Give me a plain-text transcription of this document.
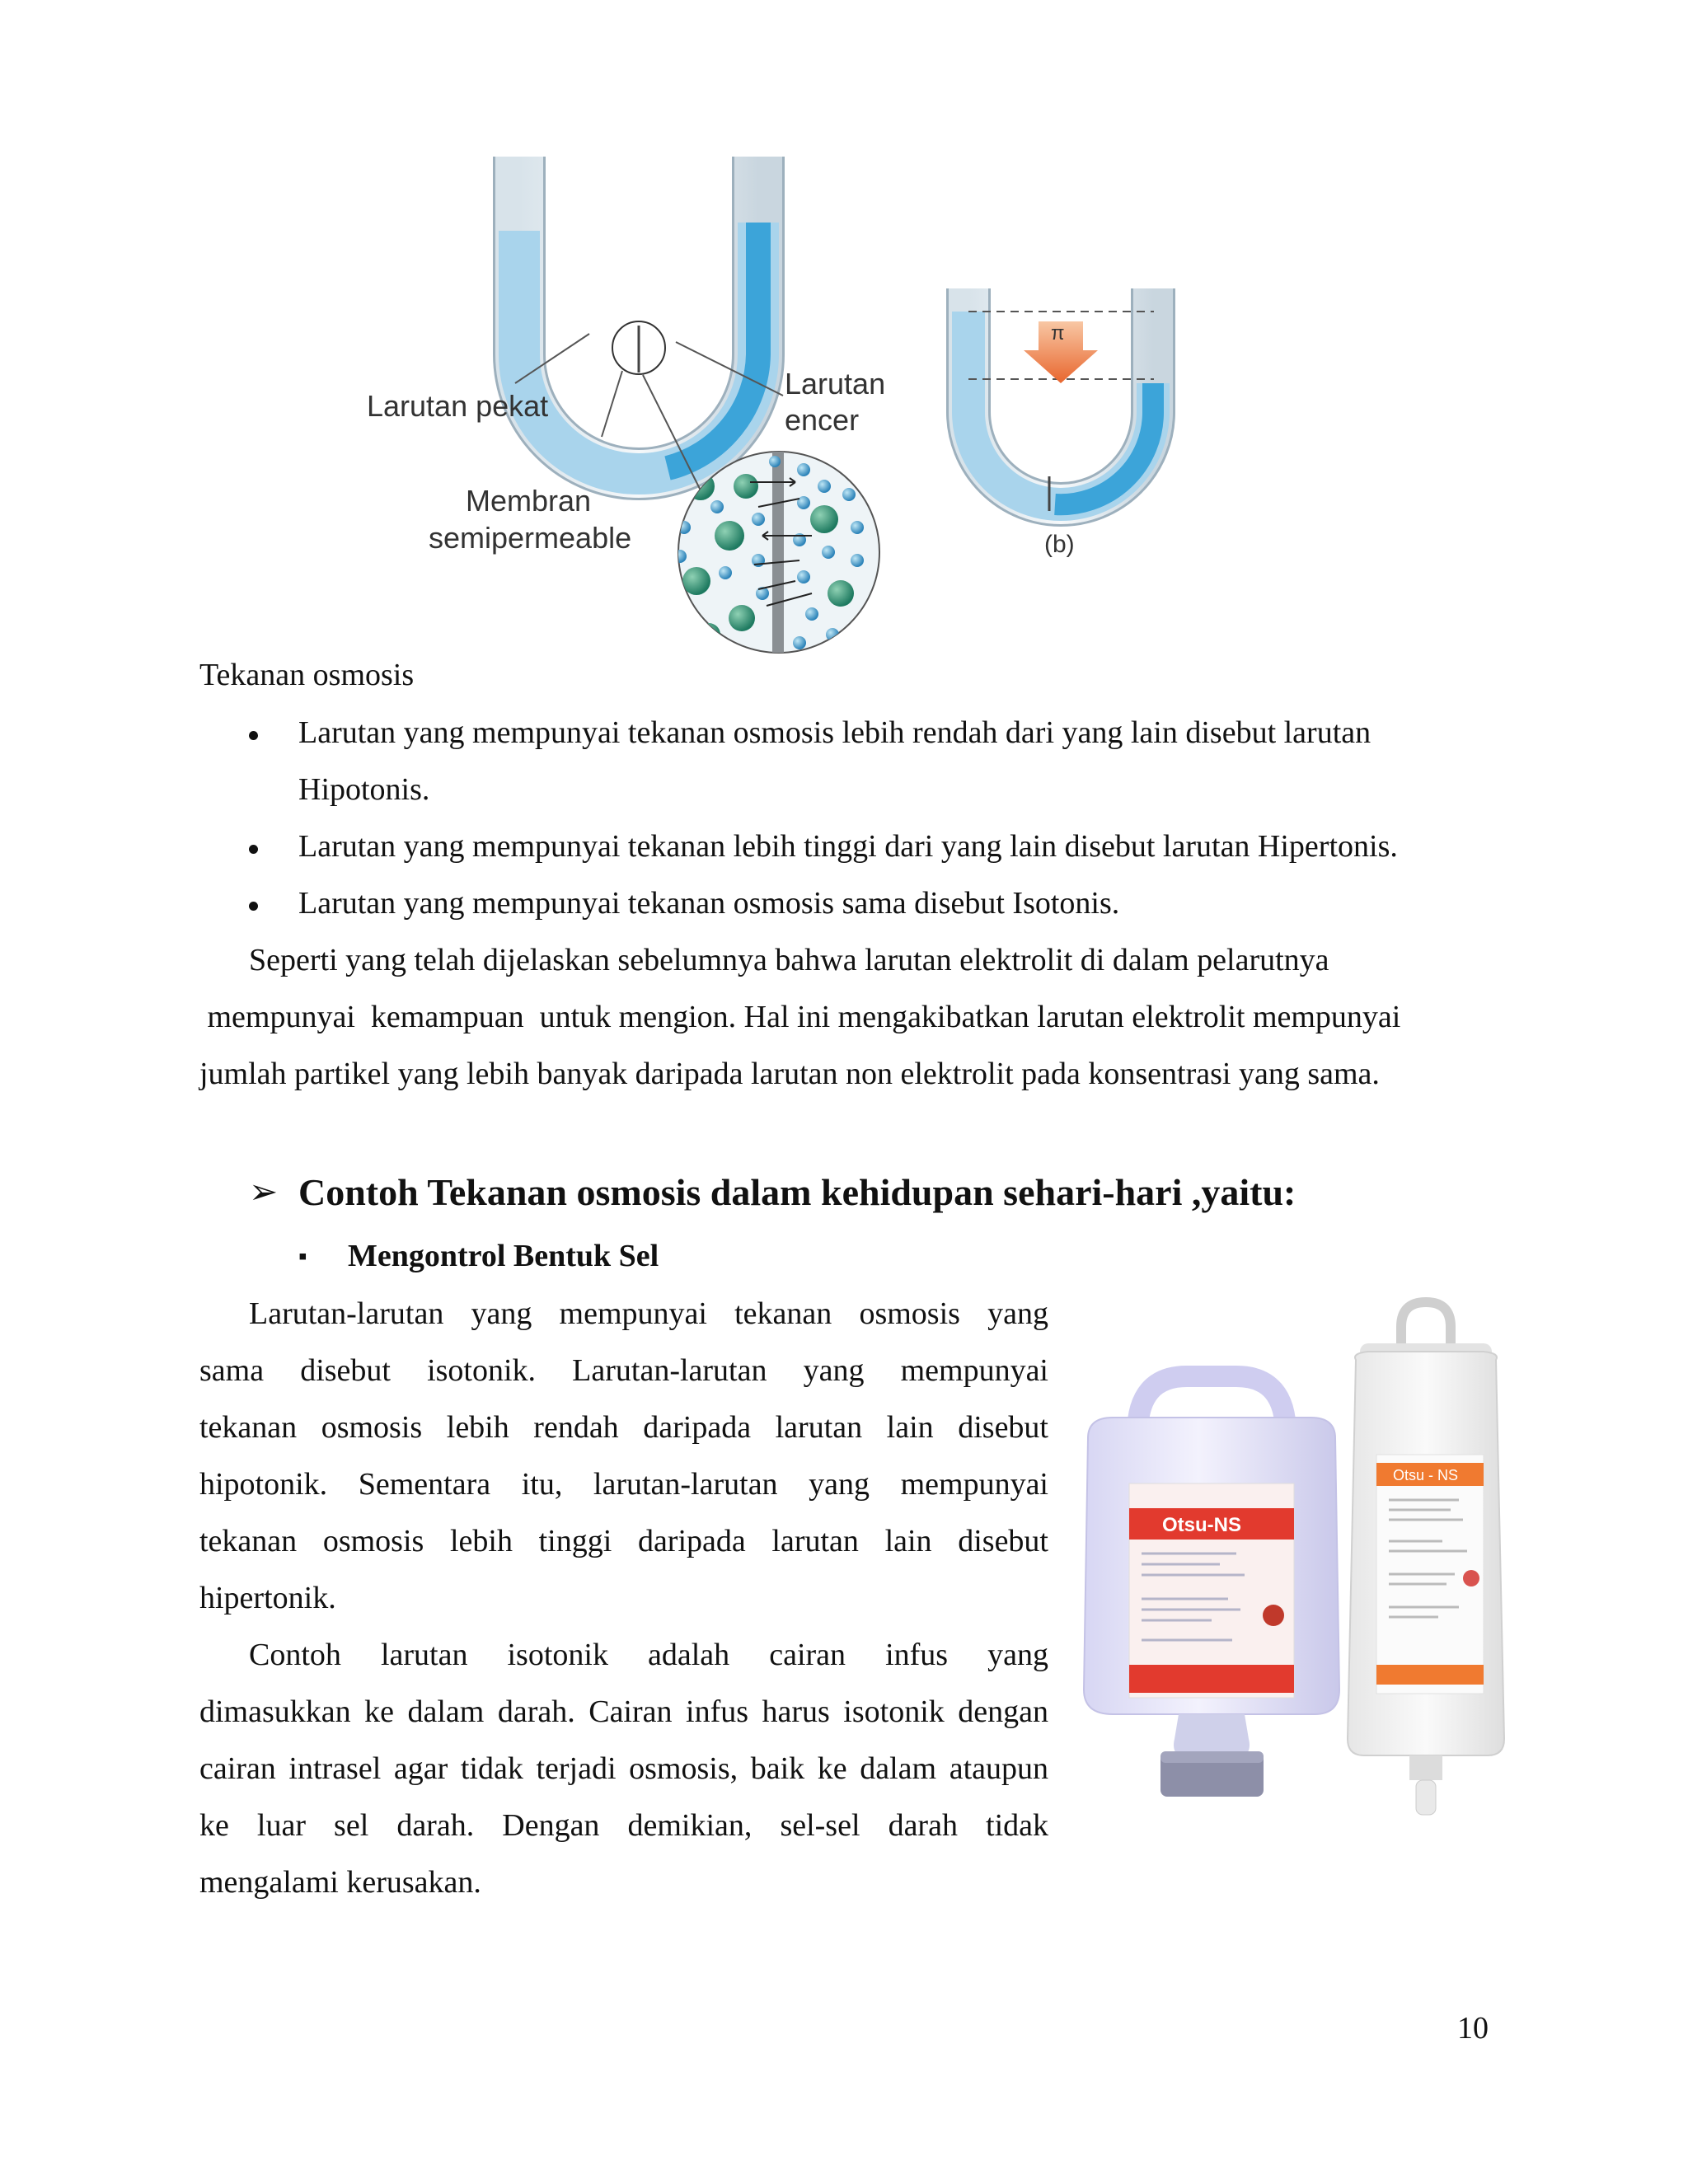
Larutan pekat
Larutan
encer
Membran
semipermeable
π
(b)
Tekanan osmosis
Larutan yang mempunyai tekanan osmosis lebih rendah dari yang lain disebut larutan
Hipotonis.
Larutan yang mempunyai tekanan lebih tinggi dari yang lain disebut larutan Hipertonis.
Larutan yang mempunyai tekanan osmosis sama disebut Isotonis.
Seperti yang telah dijelaskan sebelumnya bahwa larutan elektrolit di dalam pelarutnya
mempunyai  kemampuan  untuk mengion. Hal ini mengakibatkan larutan elektrolit mempunyai
jumlah partikel yang lebih banyak daripada larutan non elektrolit pada konsentrasi yang sama.
➢ Contoh Tekanan osmosis dalam kehidupan sehari-hari ,yaitu:
▪ Mengontrol Bentuk Sel
Larutan-larutan yang mempunyai tekanan osmosis yang
sama disebut isotonik. Larutan-larutan yang mempunyai
tekanan osmosis lebih rendah daripada larutan lain disebut
hipotonik. Sementara itu, larutan-larutan yang mempunyai
tekanan osmosis lebih tinggi daripada larutan lain disebut
hipertonik.
Contoh larutan isotonik adalah cairan infus yang
dimasukkan ke dalam darah. Cairan infus harus isotonik dengan
cairan intrasel agar tidak terjadi osmosis, baik ke dalam ataupun
ke luar sel darah. Dengan demikian, sel-sel darah tidak
mengalami kerusakan.
Otsu - NS
Otsu-NS
10
